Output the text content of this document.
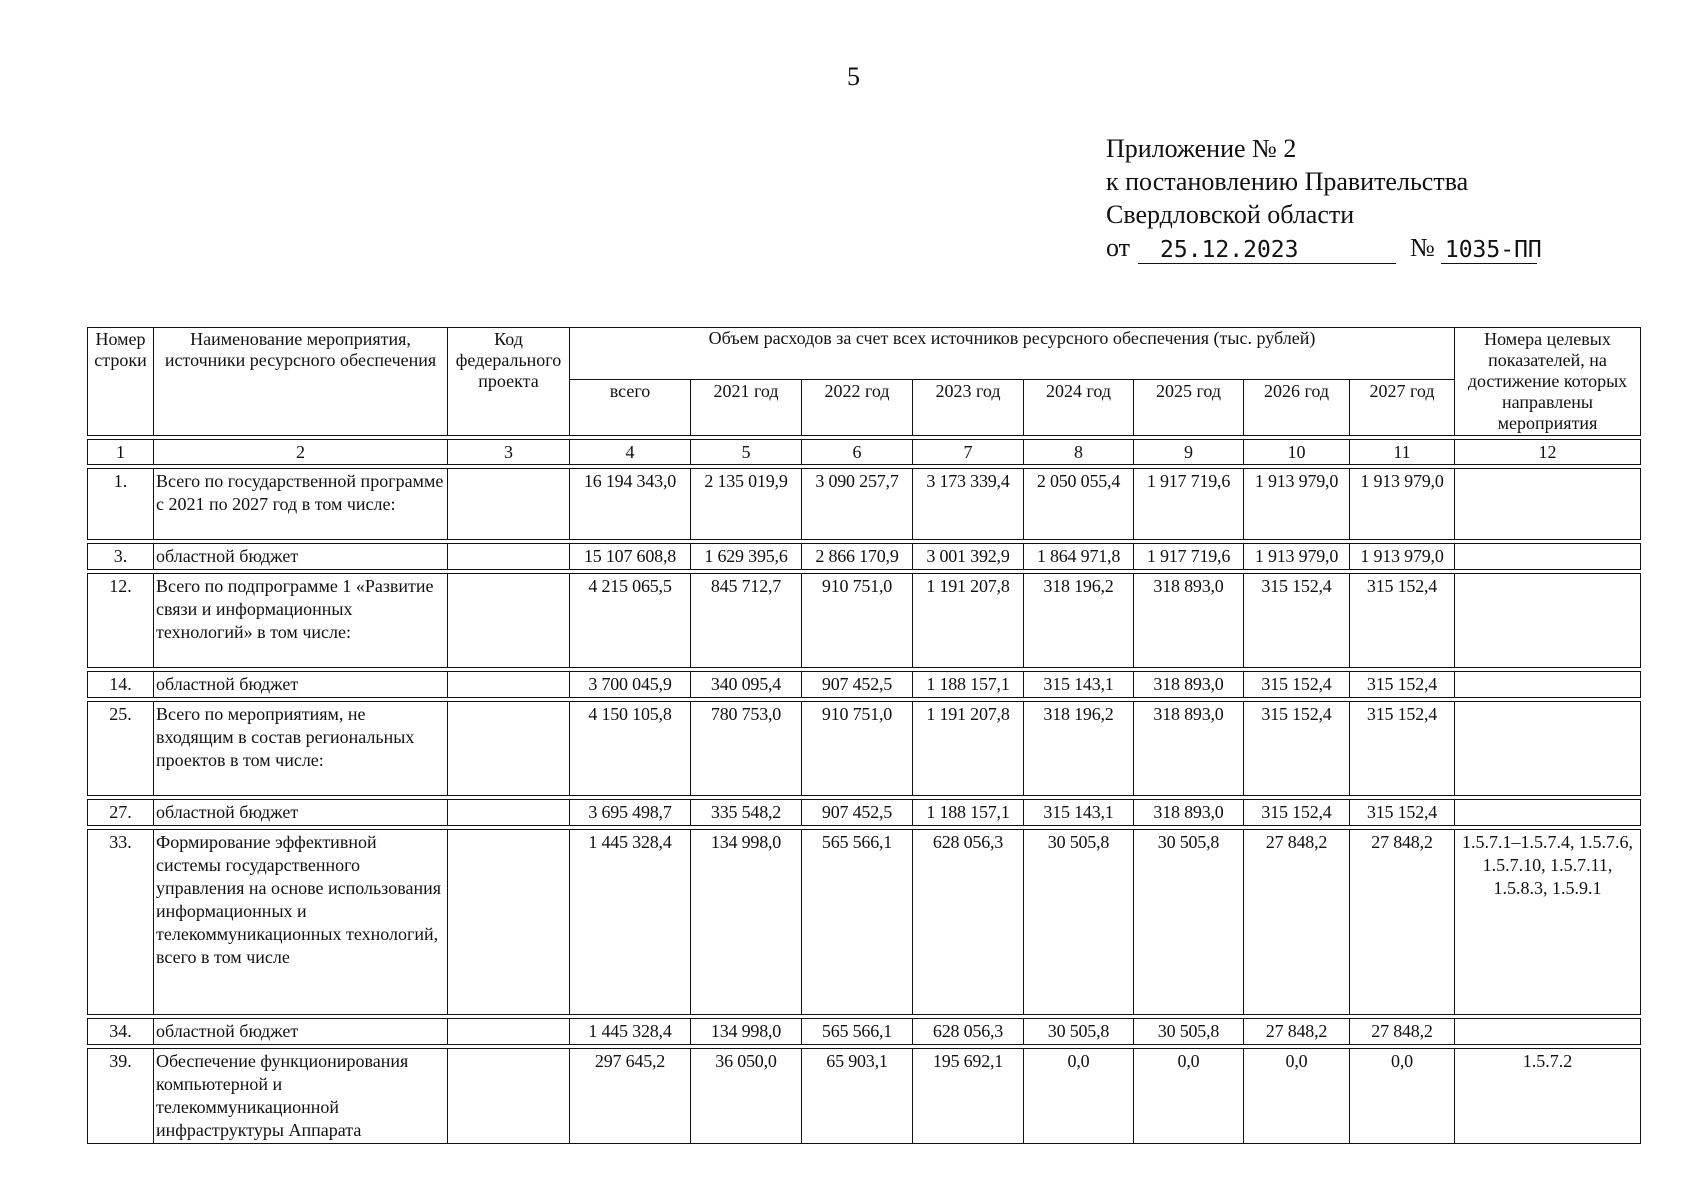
5
Приложение № 2
к постановлению Правительства
Свердловской области
от	25.12.2023	№ 1035-ПП
Номер строки	Наименование мероприятия, источники ресурсного обеспечения	Код федерального проекта	Объем расходов за счет всех источников ресурсного обеспечения (тыс. рублей)								Номера целевых показателей, на достижение которых направлены мероприятия
			всего	2021 год	2022 год	2023 год	2024 год	2025 год	2026 год	2027 год	

1	2	3	4	5	6	7	8	9	10	11	12

1.	Всего по государственной программе с 2021 по 2027 год в том числе:		16 194 343,0	2 135 019,9	3 090 257,7	3 173 339,4	2 050 055,4	1 917 719,6	1 913 979,0	1 913 979,0	

3.	областной бюджет		15 107 608,8	1 629 395,6	2 866 170,9	3 001 392,9	1 864 971,8	1 917 719,6	1 913 979,0	1 913 979,0	

12.	Всего по подпрограмме 1 «Развитие связи и информационных технологий» в том числе:		4 215 065,5	845 712,7	910 751,0	1 191 207,8	318 196,2	318 893,0	315 152,4	315 152,4	

14.	областной бюджет		3 700 045,9	340 095,4	907 452,5	1 188 157,1	315 143,1	318 893,0	315 152,4	315 152,4	

25.	Всего по мероприятиям, не входящим в состав региональных проектов в том числе:		4 150 105,8	780 753,0	910 751,0	1 191 207,8	318 196,2	318 893,0	315 152,4	315 152,4	

27.	областной бюджет		3 695 498,7	335 548,2	907 452,5	1 188 157,1	315 143,1	318 893,0	315 152,4	315 152,4	

33.	Формирование эффективной системы государственного управления на основе использования информационных и телекоммуникационных технологий, всего в том числе		1 445 328,4	134 998,0	565 566,1	628 056,3	30 505,8	30 505,8	27 848,2	27 848,2	1.5.7.1–1.5.7.4, 1.5.7.6, 1.5.7.10, 1.5.7.11, 1.5.8.3, 1.5.9.1

34.	областной бюджет		1 445 328,4	134 998,0	565 566,1	628 056,3	30 505,8	30 505,8	27 848,2	27 848,2	

39.	Обеспечение функционирования компьютерной и телекоммуникационной инфраструктуры Аппарата		297 645,2	36 050,0	65 903,1	195 692,1	0,0	0,0	0,0	0,0	1.5.7.2
